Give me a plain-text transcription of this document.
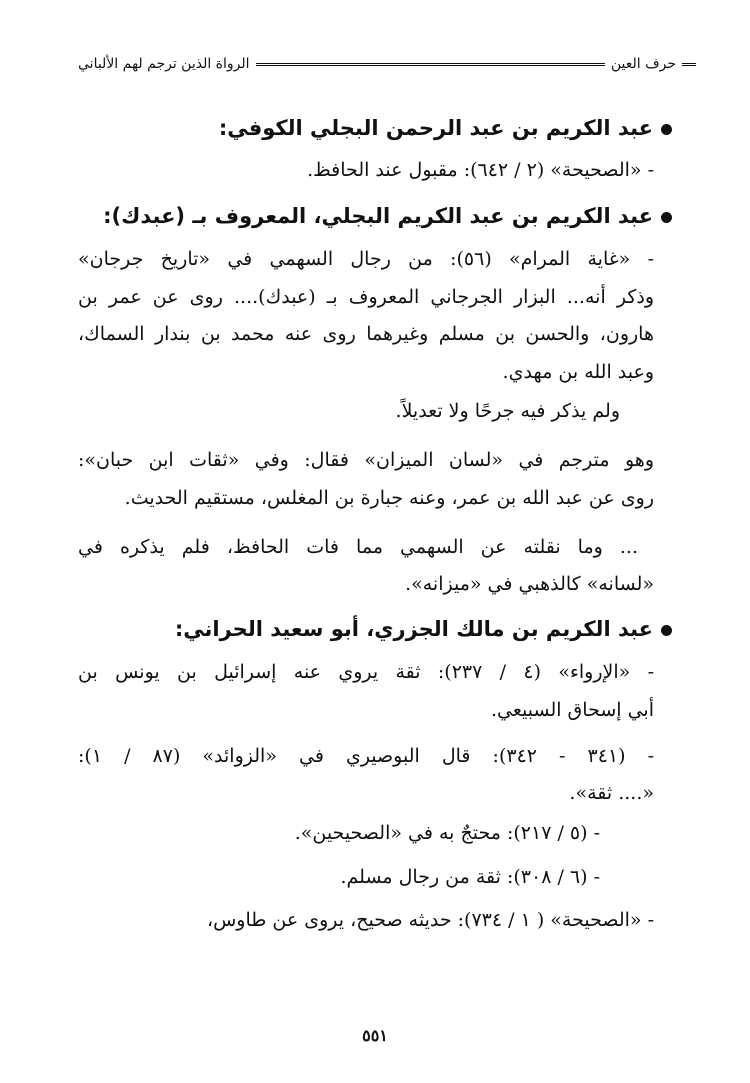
حرف العين
الرواة الذين ترجم لهم الألباني
عبد الكريم بن عبد الرحمن البجلي الكوفي:
- «الصحيحة» (٢ / ٦٤٢): مقبول عند الحافظ.
عبد الكريم بن عبد الكريم البجلي، المعروف بـ (عبدك):
- «غاية المرام» (٥٦): من رجال السهمي في «تاريخ جرجان»
وذكر أنه... البزار الجرجاني المعروف بـ (عبدك).... روى عن عمر بن
هارون، والحسن بن مسلم وغيرهما روى عنه محمد بن بندار السماك،
وعبد الله بن مهدي.
ولم يذكر فيه جرحًا ولا تعديلاً.
وهو مترجم في «لسان الميزان» فقال: وفي «ثقات ابن حبان»:
روى عن عبد الله بن عمر، وعنه جبارة بن المغلس، مستقيم الحديث.
... وما نقلته عن السهمي مما فات الحافظ، فلم يذكره في
«لسانه» كالذهبي في «ميزانه».
عبد الكريم بن مالك الجزري، أبو سعيد الحراني:
- «الإرواء» (٤ / ٢٣٧): ثقة يروي عنه إسرائيل بن يونس بن
أبي إسحاق السبيعي.
- (٣٤١ - ٣٤٢): قال البوصيري في «الزوائد» (٨٧ / ١):
«.... ثقة».
- (٥ / ٢١٧): محتجٌ به في «الصحيحين».
- (٦ / ٣٠٨): ثقة من رجال مسلم.
- «الصحيحة» ( ١ / ٧٣٤): حديثه صحيح، يروى عن طاوس،
٥٥١
